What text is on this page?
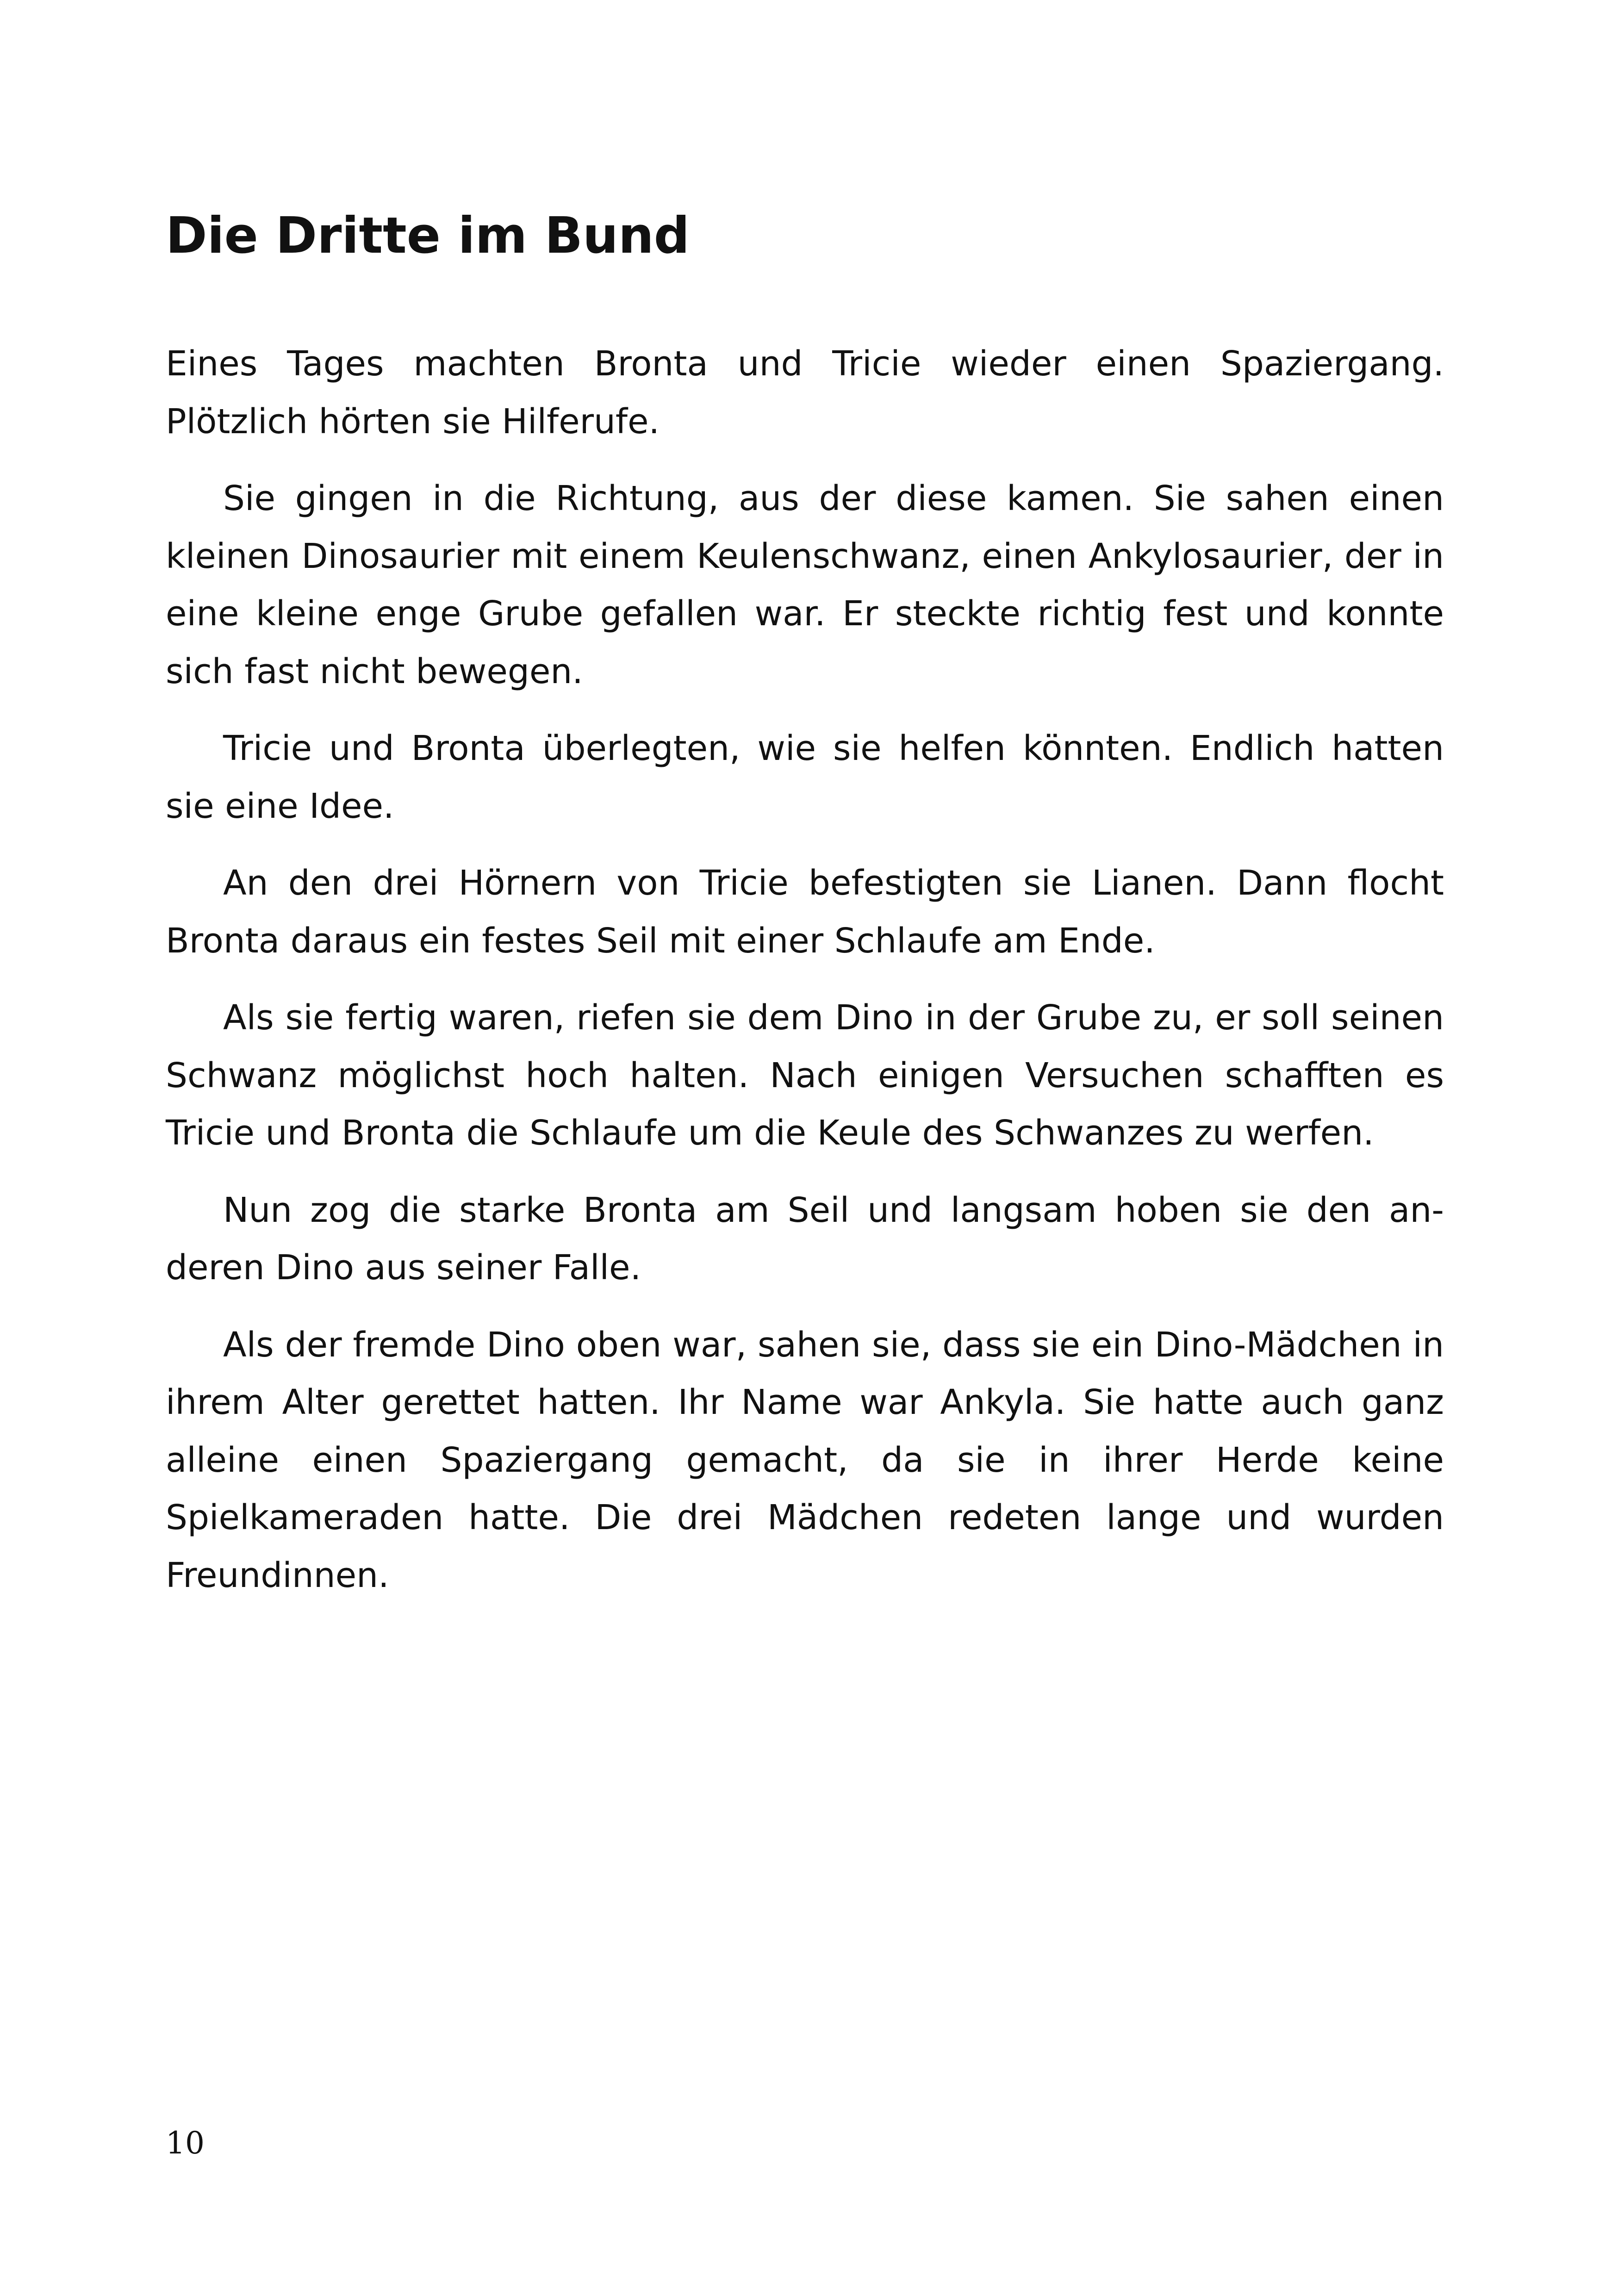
Die Dritte im Bund

Eines Tages machten Bronta und Tricie wieder einen Spaziergang. Plötzlich hörten sie Hilferufe.

Sie gingen in die Richtung, aus der diese kamen. Sie sahen einen kleinen Dinosaurier mit einem Keulenschwanz, einen Ankylosaurier, der in eine kleine enge Grube gefallen war. Er steckte richtig fest und konnte sich fast nicht bewegen.

Tricie und Bronta überlegten, wie sie helfen könnten. Endlich hatten sie eine Idee.

An den drei Hörnern von Tricie befestigten sie Lianen. Dann flocht Bronta daraus ein festes Seil mit einer Schlaufe am Ende.

Als sie fertig waren, riefen sie dem Dino in der Grube zu, er soll seinen Schwanz möglichst hoch halten. Nach einigen Versuchen schafften es Tricie und Bronta die Schlaufe um die Keule des Schwanzes zu werfen.

Nun zog die starke Bronta am Seil und langsam hoben sie den anderen Dino aus seiner Falle.

Als der fremde Dino oben war, sahen sie, dass sie ein Dino-Mädchen in ihrem Alter gerettet hatten. Ihr Name war Ankyla. Sie hatte auch ganz alleine einen Spaziergang gemacht, da sie in ihrer Herde keine Spielkameraden hatte. Die drei Mädchen redeten lange und wurden Freundinnen.

10
